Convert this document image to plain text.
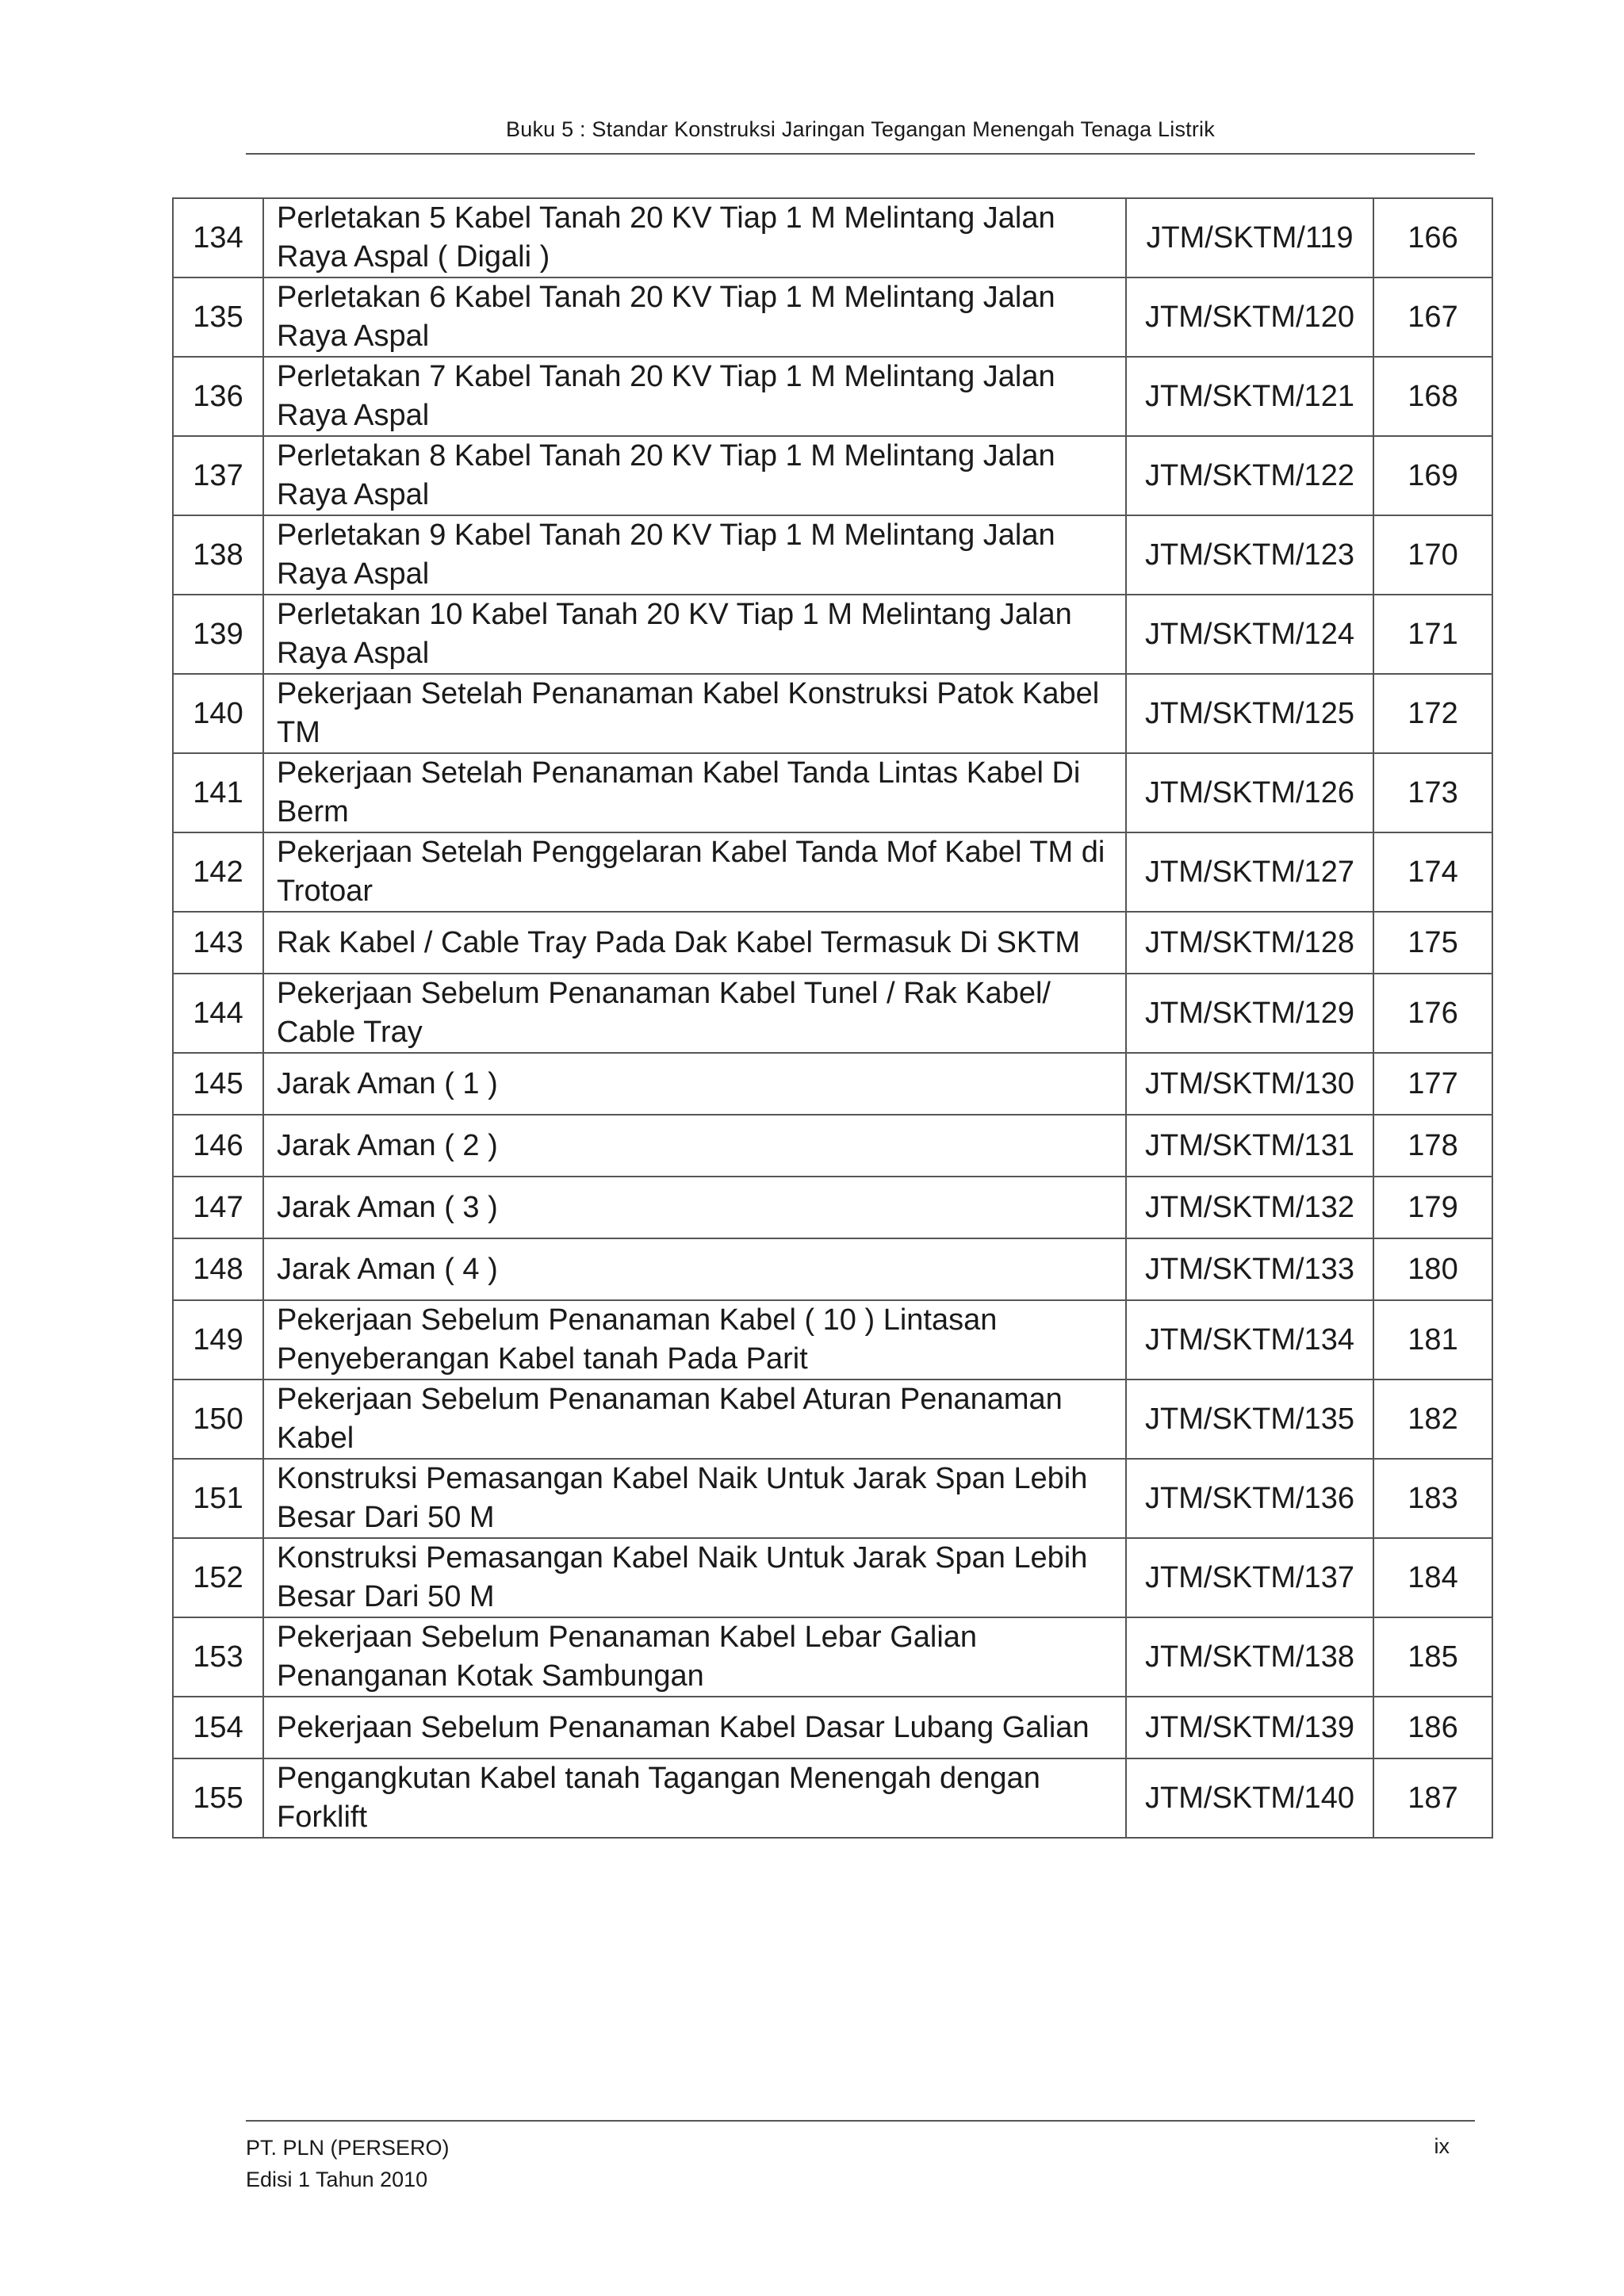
Buku 5 : Standar Konstruksi Jaringan Tegangan Menengah Tenaga Listrik
134	Perletakan 5 Kabel Tanah 20 KV Tiap 1 M Melintang Jalan Raya Aspal ( Digali )	JTM/SKTM/119	166
135	Perletakan 6 Kabel Tanah 20 KV Tiap 1 M Melintang Jalan Raya Aspal	JTM/SKTM/120	167
136	Perletakan 7 Kabel Tanah 20 KV Tiap 1 M Melintang Jalan Raya Aspal	JTM/SKTM/121	168
137	Perletakan 8 Kabel Tanah 20 KV Tiap 1 M Melintang Jalan Raya Aspal	JTM/SKTM/122	169
138	Perletakan 9 Kabel Tanah 20 KV Tiap 1 M Melintang Jalan Raya Aspal	JTM/SKTM/123	170
139	Perletakan 10 Kabel Tanah 20 KV Tiap 1 M Melintang Jalan Raya Aspal	JTM/SKTM/124	171
140	Pekerjaan Setelah Penanaman Kabel Konstruksi Patok Kabel TM	JTM/SKTM/125	172
141	Pekerjaan Setelah Penanaman Kabel Tanda Lintas Kabel Di Berm	JTM/SKTM/126	173
142	Pekerjaan Setelah Penggelaran Kabel Tanda Mof Kabel TM di Trotoar	JTM/SKTM/127	174
143	Rak Kabel / Cable Tray Pada Dak Kabel Termasuk Di SKTM	JTM/SKTM/128	175
144	Pekerjaan Sebelum Penanaman Kabel Tunel / Rak Kabel/ Cable Tray	JTM/SKTM/129	176
145	Jarak Aman ( 1 )	JTM/SKTM/130	177
146	Jarak Aman ( 2 )	JTM/SKTM/131	178
147	Jarak Aman ( 3 )	JTM/SKTM/132	179
148	Jarak Aman ( 4 )	JTM/SKTM/133	180
149	Pekerjaan Sebelum Penanaman Kabel ( 10 ) Lintasan Penyeberangan Kabel tanah Pada Parit	JTM/SKTM/134	181
150	Pekerjaan Sebelum Penanaman Kabel Aturan Penanaman Kabel	JTM/SKTM/135	182
151	Konstruksi Pemasangan Kabel Naik Untuk Jarak Span Lebih Besar Dari 50 M	JTM/SKTM/136	183
152	Konstruksi Pemasangan Kabel Naik Untuk Jarak Span Lebih Besar Dari 50 M	JTM/SKTM/137	184
153	Pekerjaan Sebelum Penanaman Kabel Lebar Galian Penanganan Kotak Sambungan	JTM/SKTM/138	185
154	Pekerjaan Sebelum Penanaman Kabel Dasar Lubang Galian	JTM/SKTM/139	186
155	Pengangkutan Kabel tanah Tagangan Menengah dengan Forklift	JTM/SKTM/140	187
PT. PLN (PERSERO)
Edisi 1 Tahun 2010
ix
